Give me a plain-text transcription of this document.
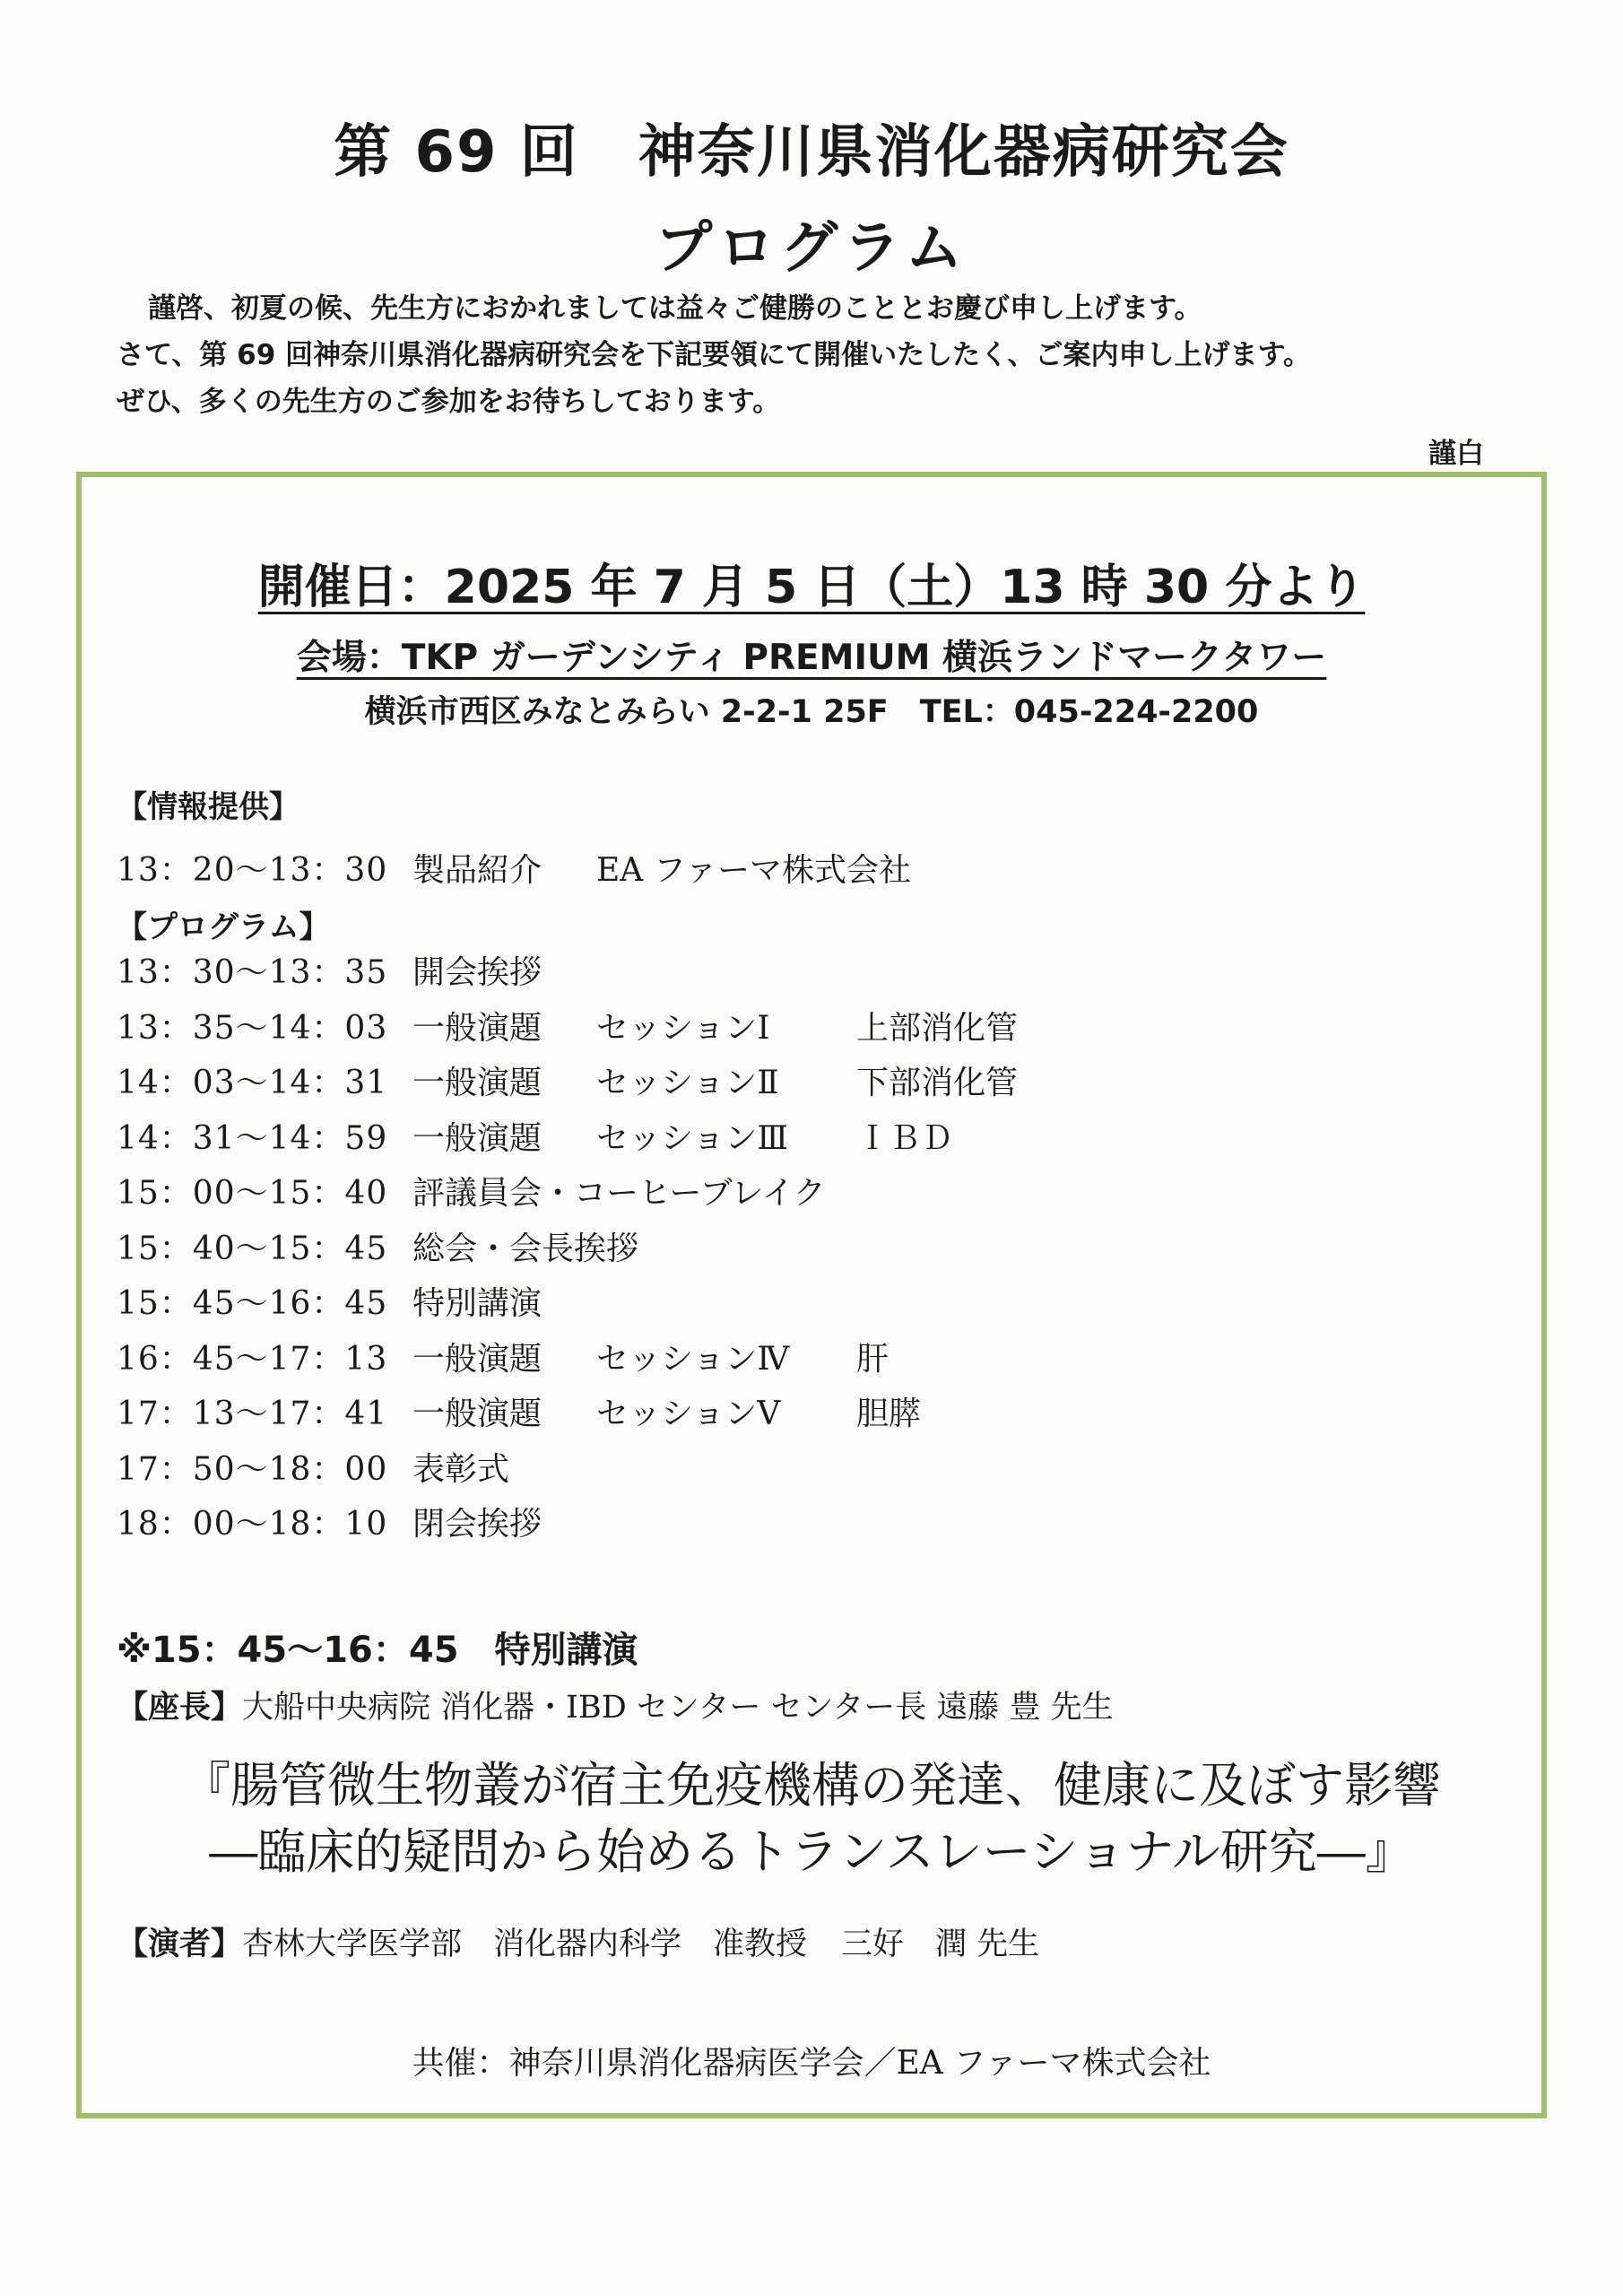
第 69 回　神奈川県消化器病研究会
プログラム
謹啓、初夏の候、先生方におかれましては益々ご健勝のこととお慶び申し上げます。
さて、第 69 回神奈川県消化器病研究会を下記要領にて開催いたしたく、ご案内申し上げます。
ぜひ、多くの先生方のご参加をお待ちしております。
謹白
開催日：2025 年 7 月 5 日（土）13 時 30 分より
会場：TKP ガーデンシティ PREMIUM 横浜ランドマークタワー
横浜市西区みなとみらい 2-2-1 25F　TEL：045-224-2200
【情報提供】
13：20〜13：30 製品紹介 EA ファーマ株式会社
【プログラム】
13：30〜13：35 開会挨拶
13：35〜14：03 一般演題 セッションⅠ	上部消化管
14：03〜14：31 一般演題 セッションⅡ 下部消化管
14：31〜14：59 一般演題 セッションⅢ ＩＢＤ
15：00〜15：40 評議員会・コーヒーブレイク
15：40〜15：45 総会・会長挨拶
15：45〜16：45 特別講演
16：45〜17：13 一般演題 セッションⅣ 肝
17：13〜17：41 一般演題 セッションⅤ 胆膵
17：50〜18：00 表彰式
18：00〜18：10 閉会挨拶
※15：45〜16：45　特別講演
【座長】大船中央病院 消化器・IBD センター センター長 遠藤 豊 先生
『腸管微生物叢が宿主免疫機構の発達、健康に及ぼす影響
―臨床的疑問から始めるトランスレーショナル研究―』
【演者】杏林大学医学部　消化器内科学　准教授 三好　潤 先生
共催：神奈川県消化器病医学会／EA ファーマ株式会社
